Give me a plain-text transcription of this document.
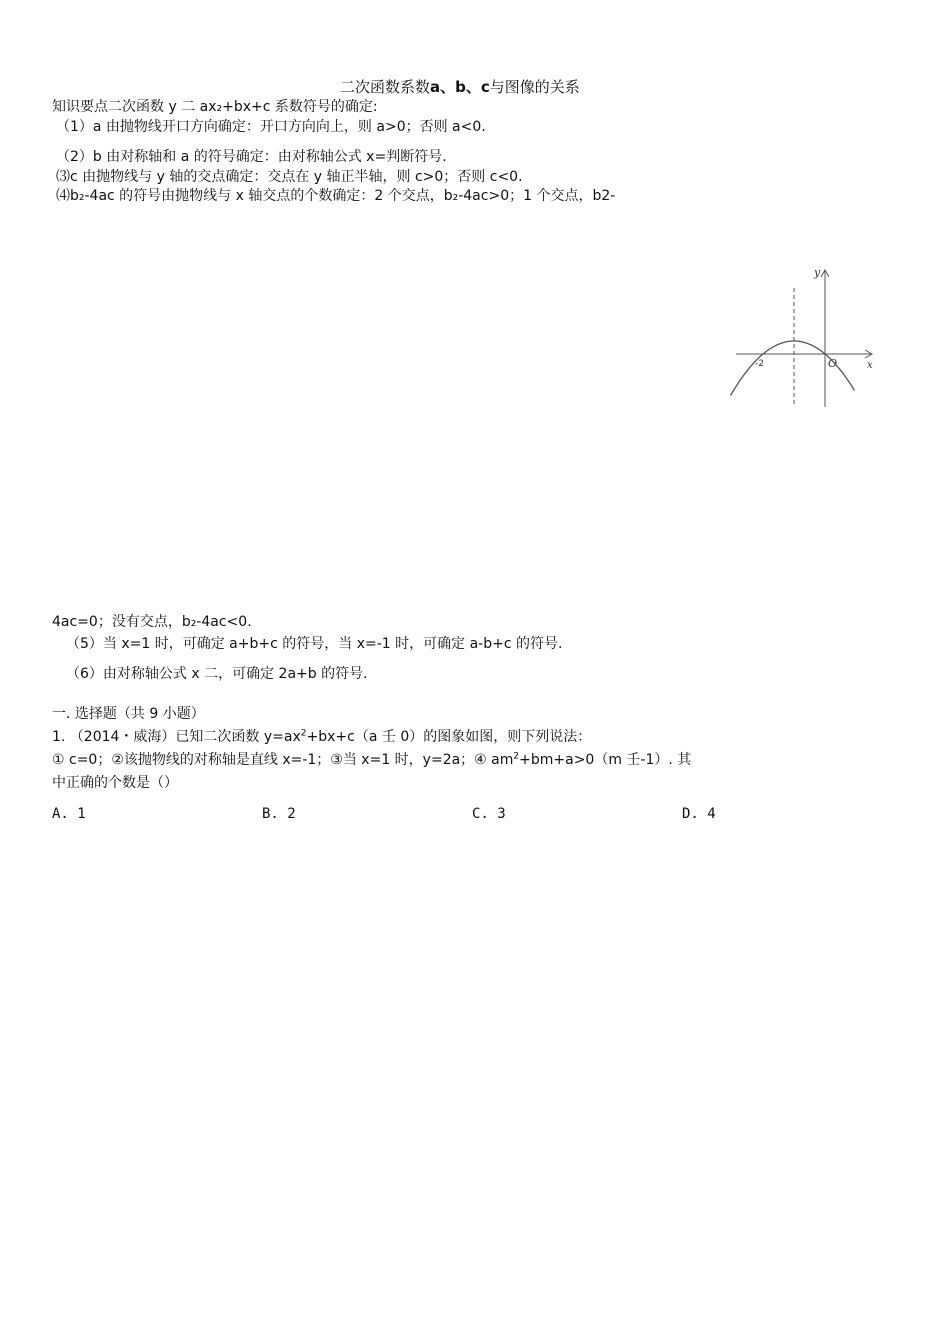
二次函数系数a、b、c与图像的关系
知识要点二次函数 y 二 ax₂+bx+c 系数符号的确定:
（1）a 由抛物线开口方向确定：开口方向向上，则 a>0；否则 a<0.
（2）b 由对称轴和 a 的符号确定：由对称轴公式 x=判断符号.
⑶c 由抛物线与 y 轴的交点确定：交点在 y 轴正半轴，则 c>0；否则 c<0.
⑷b₂-4ac 的符号由抛物线与 x 轴交点的个数确定：2 个交点，b₂-4ac>0；1 个交点，b2-
y
x
O
-2
4ac=0；没有交点，b₂-4ac<0.
（5）当 x=1 时，可确定 a+b+c 的符号，当 x=-1 时，可确定 a-b+c 的符号.
（6）由对称轴公式 x 二，可确定 2a+b 的符号.
一. 选择题（共 9 小题）
1. （2014・威海）已知二次函数 $y=ax^2+bx+c(a$ 壬 0）的图象如图，则下列说法：
① c=0；②该抛物线的对称轴是直线 x=-1；③当 x=1 时，y=2a；④ $am^2+bm+a>0(m$ 壬-1）. 其
中正确的个数是（）
A. 1	B. 2	C. 3	D. 4
